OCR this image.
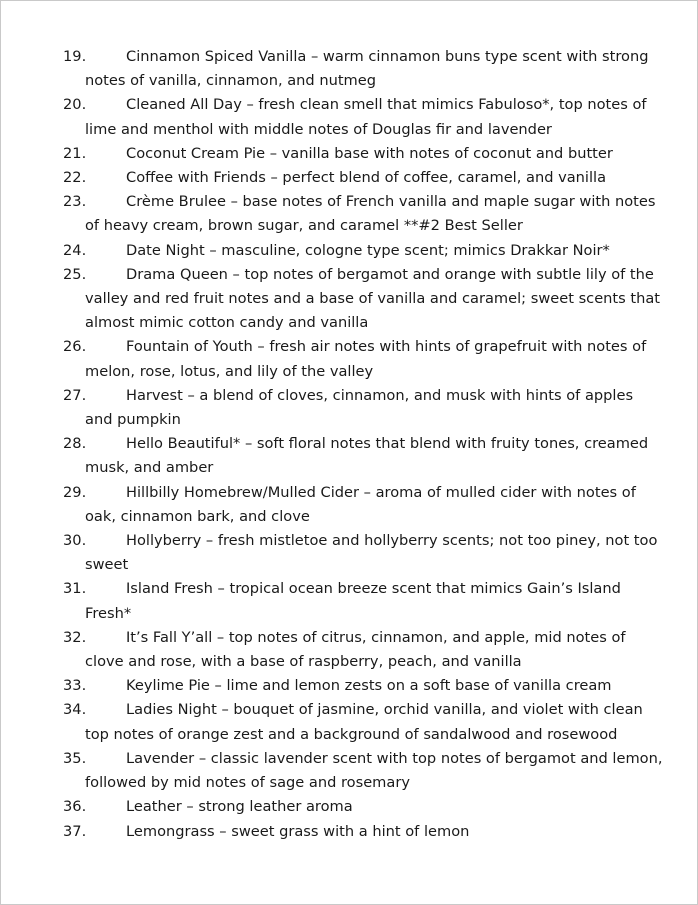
19.	Cinnamon Spiced Vanilla – warm cinnamon buns type scent with strong notes of vanilla, cinnamon, and nutmeg
20.	Cleaned All Day – fresh clean smell that mimics Fabuloso*, top notes of lime and menthol with middle notes of Douglas fir and lavender
21.	Coconut Cream Pie – vanilla base with notes of coconut and butter
22.	Coffee with Friends – perfect blend of coffee, caramel, and vanilla
23.	Crème Brulee – base notes of French vanilla and maple sugar with notes of heavy cream, brown sugar, and caramel **#2 Best Seller
24.	Date Night – masculine, cologne type scent; mimics Drakkar Noir*
25.	Drama Queen – top notes of bergamot and orange with subtle lily of the valley and red fruit notes and a base of vanilla and caramel; sweet scents that almost mimic cotton candy and vanilla
26.	Fountain of Youth – fresh air notes with hints of grapefruit with notes of melon, rose, lotus, and lily of the valley
27.	Harvest – a blend of cloves, cinnamon, and musk with hints of apples and pumpkin
28.	Hello Beautiful* – soft floral notes that blend with fruity tones, creamed musk, and amber
29.	Hillbilly Homebrew/Mulled Cider – aroma of mulled cider with notes of oak, cinnamon bark, and clove
30.	Hollyberry – fresh mistletoe and hollyberry scents; not too piney, not too sweet
31.	Island Fresh – tropical ocean breeze scent that mimics Gain’s Island Fresh*
32.	It’s Fall Y’all – top notes of citrus, cinnamon, and apple, mid notes of clove and rose, with a base of raspberry, peach, and vanilla
33.	Keylime Pie – lime and lemon zests on a soft base of vanilla cream
34.	Ladies Night – bouquet of jasmine, orchid vanilla, and violet with clean top notes of orange zest and a background of sandalwood and rosewood
35.	Lavender – classic lavender scent with top notes of bergamot and lemon, followed by mid notes of sage and rosemary
36.	Leather – strong leather aroma
37.	Lemongrass – sweet grass with a hint of lemon
